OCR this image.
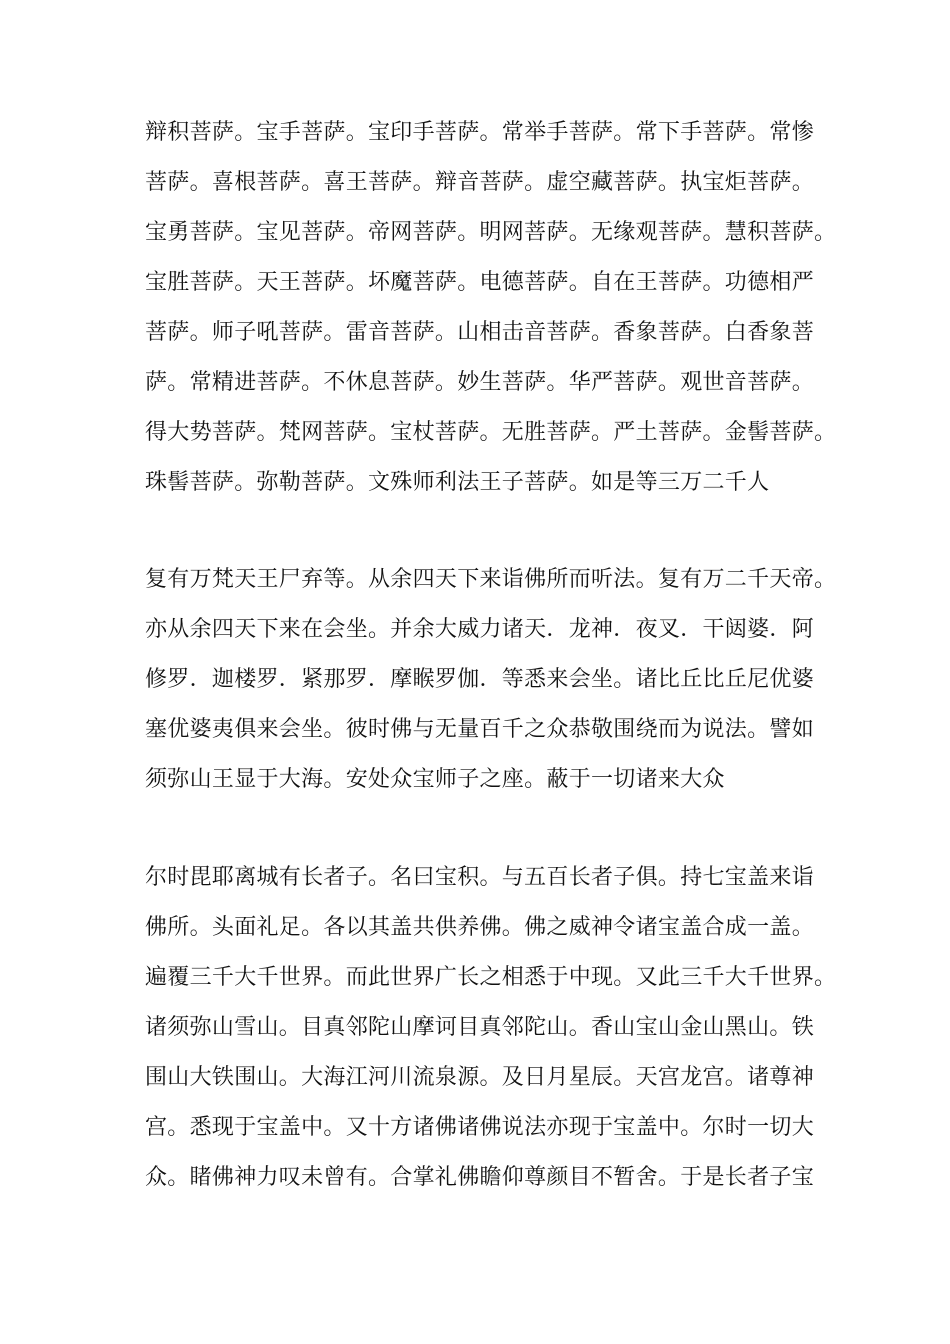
辩积菩萨。宝手菩萨。宝印手菩萨。常举手菩萨。常下手菩萨。常惨
菩萨。喜根菩萨。喜王菩萨。辩音菩萨。虚空藏菩萨。执宝炬菩萨。
宝勇菩萨。宝见菩萨。帝网菩萨。明网菩萨。无缘观菩萨。慧积菩萨。
宝胜菩萨。天王菩萨。坏魔菩萨。电德菩萨。自在王菩萨。功德相严
菩萨。师子吼菩萨。雷音菩萨。山相击音菩萨。香象菩萨。白香象菩
萨。常精进菩萨。不休息菩萨。妙生菩萨。华严菩萨。观世音菩萨。
得大势菩萨。梵网菩萨。宝杖菩萨。无胜菩萨。严土菩萨。金髻菩萨。
珠髻菩萨。弥勒菩萨。文殊师利法王子菩萨。如是等三万二千人
复有万梵天王尸弃等。从余四天下来诣佛所而听法。复有万二千天帝。
亦从余四天下来在会坐。并余大威力诸天．龙神．夜叉．干闼婆．阿
修罗．迦楼罗．紧那罗．摩睺罗伽．等悉来会坐。诸比丘比丘尼优婆
塞优婆夷俱来会坐。彼时佛与无量百千之众恭敬围绕而为说法。譬如
须弥山王显于大海。安处众宝师子之座。蔽于一切诸来大众
尔时毘耶离城有长者子。名曰宝积。与五百长者子俱。持七宝盖来诣
佛所。头面礼足。各以其盖共供养佛。佛之威神令诸宝盖合成一盖。
遍覆三千大千世界。而此世界广长之相悉于中现。又此三千大千世界。
诸须弥山雪山。目真邻陀山摩诃目真邻陀山。香山宝山金山黑山。铁
围山大铁围山。大海江河川流泉源。及日月星辰。天宫龙宫。诸尊神
宫。悉现于宝盖中。又十方诸佛诸佛说法亦现于宝盖中。尔时一切大
众。睹佛神力叹未曾有。合掌礼佛瞻仰尊颜目不暂舍。于是长者子宝
